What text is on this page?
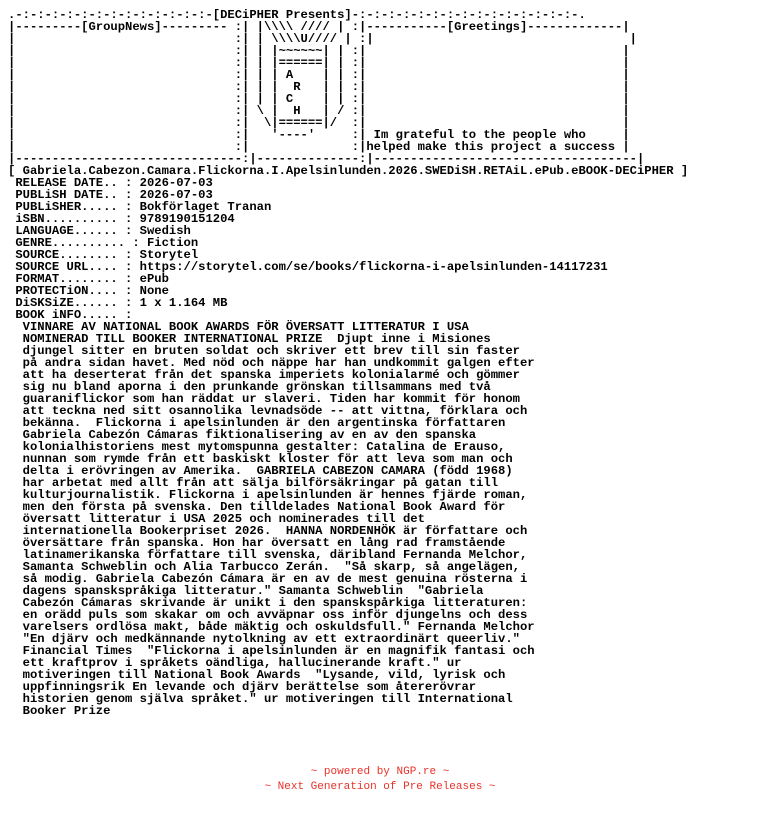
.-:-:-:-:-:-:-:-:-:-:-:-:-:-[DECiPHER Presents]-:-:-:-:-:-:-:-:-:-:-:-:-:-:-:-.
|---------[GroupNews]--------- :| |\\\\ //// | :|-----------[Greetings]-------------|
|                              :| | \\\\U//// | :|                                   |
|                              :| | |~~~~~~| | :|                                   |
|                              :| | |======| | :|                                   |
|                              :| | | A    | | :|                                   |
|                              :| | |  R   | | :|                                   |
|                              :| | | C    | | :|                                   |
|                              :| \ |  H   | / :|                                   |
|                              :|  \|======|/  :|                                   |
|                              :|   '----'     :| Im grateful to the people who     |
|                              :|              :|helped make this project a success |
|-------------------------------:|--------------:|------------------------------------|
[ Gabriela.Cabezon.Camara.Flickorna.I.Apelsinlunden.2026.SWEDiSH.RETAiL.ePub.eBOOK-DECiPHER ]
RELEASE DATE.. : 2026-07-03
PUBLiSH DATE.. : 2026-07-03
PUBLiSHER..... : Bokförlaget Tranan
iSBN.......... : 9789190151204
LANGUAGE...... : Swedish
GENRE.......... : Fiction
SOURCE........ : Storytel
SOURCE URL.... : https://storytel.com/se/books/flickorna-i-apelsinlunden-14117231
FORMAT........ : ePub
PROTECTiON.... : None
DiSKSiZE...... : 1 x 1.164 MB
BOOK iNFO..... :
VINNARE AV NATIONAL BOOK AWARDS FÖR ÖVERSATT LITTERATUR I USA
NOMINERAD TILL BOOKER INTERNATIONAL PRIZE  Djupt inne i Misiones
djungel sitter en bruten soldat och skriver ett brev till sin faster
på andra sidan havet. Med nöd och näppe har han undkommit galgen efter
att ha deserterat från det spanska imperiets kolonialarmé och gömmer
sig nu bland aporna i den prunkande grönskan tillsammans med två
guaraniflickor som han räddat ur slaveri. Tiden har kommit för honom
att teckna ned sitt osannolika levnadsöde -- att vittna, förklara och
bekänna.  Flickorna i apelsinlunden är den argentinska författaren
Gabriela Cabezón Cámaras fiktionalisering av en av den spanska
kolonialhistoriens mest mytomspunna gestalter: Catalina de Erauso,
nunnan som rymde från ett baskiskt kloster för att leva som man och
delta i erövringen av Amerika.  GABRIELA CABEZON CAMARA (född 1968)
har arbetat med allt från att sälja bilförsäkringar på gatan till
kulturjournalistik. Flickorna i apelsinlunden är hennes fjärde roman,
men den första på svenska. Den tilldelades National Book Award för
översatt litteratur i USA 2025 och nominerades till det
internationella Bookerpriset 2026.  HANNA NORDENHÖK är författare och
översättare från spanska. Hon har översatt en lång rad framstående
latinamerikanska författare till svenska, däribland Fernanda Melchor,
Samanta Schweblin och Alia Tarbucco Zerán.  "Så skarp, så angelägen,
så modig. Gabriela Cabezón Cámara är en av de mest genuina rösterna i
dagens spanskspråkiga litteratur." Samanta Schweblin  "Gabriela
Cabezón Cámaras skrivande är unikt i den spanskspårkiga litteraturen:
en orädd puls som skakar om och avväpnar oss inför djungelns och dess
varelsers ordlösa makt, både mäktig och oskuldsfull." Fernanda Melchor
"En djärv och medkännande nytolkning av ett extraordinärt queerliv."
Financial Times  "Flickorna i apelsinlunden är en magnifik fantasi och
ett kraftprov i språkets oändliga, hallucinerande kraft." ur
motiveringen till National Book Awards  "Lysande, vild, lyrisk och
uppfinningsrik En levande och djärv berättelse som återerövrar
historien genom själva språket." ur motiveringen till International
Booker Prize
~ powered by NGP.re ~
~ Next Generation of Pre Releases ~
